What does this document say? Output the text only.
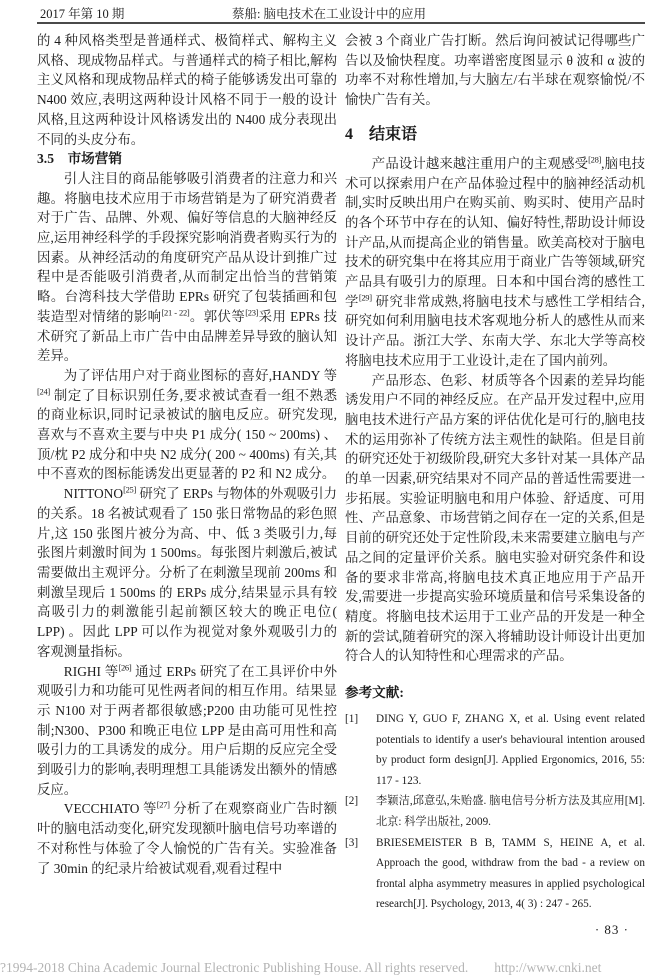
2017 年第 10 期	蔡船: 脑电技术在工业设计中的应用

的 4 种风格类型是普通样式、极简样式、解构主义风格、现成物品样式。与普通样式的椅子相比,解构主义风格和现成物品样式的椅子能够诱发出可靠的 N400 效应,表明这两种设计风格不同于一般的设计风格,且这两种设计风格诱发出的 N400 成分表现出不同的头皮分布。

3.5　市场营销

引人注目的商品能够吸引消费者的注意力和兴趣。将脑电技术应用于市场营销是为了研究消费者对于广告、品牌、外观、偏好等信息的大脑神经反应,运用神经科学的手段探究影响消费者购买行为的因素。从神经活动的角度研究产品从设计到推广过程中是否能吸引消费者,从而制定出恰当的营销策略。台湾科技大学借助 EPRs 研究了包装插画和包装造型对情绪的影响[21 - 22]。郭伏等[23]采用 EPRs 技术研究了新品上市广告中由品牌差异导致的脑认知差异。

为了评估用户对于商业图标的喜好,HANDY 等[24] 制定了目标识别任务,要求被试查看一组不熟悉的商业标识,同时记录被试的脑电反应。研究发现,喜欢与不喜欢主要与中央 P1 成分( 150 ~ 200ms) 、顶/枕 P2 成分和中央 N2 成分( 200 ~ 400ms) 有关,其中不喜欢的图标能诱发出更显著的 P2 和 N2 成分。

NITTONO[25] 研究了 ERPs 与物体的外观吸引力的关系。18 名被试观看了 150 张日常物品的彩色照片,这 150 张图片被分为高、中、低 3 类吸引力,每张图片刺激时间为 1 500ms。每张图片刺激后,被试需要做出主观评分。分析了在刺激呈现前 200ms 和刺激呈现后 1 500ms 的 ERPs 成分,结果显示具有较高吸引力的刺激能引起前额区较大的晚正电位( LPP) 。因此 LPP 可以作为视觉对象外观吸引力的客观测量指标。

RIGHI 等[26] 通过 ERPs 研究了在工具评价中外观吸引力和功能可见性两者间的相互作用。结果显示 N100 对于两者都很敏感;P200 由功能可见性控制;N300、P300 和晚正电位 LPP 是由高可用性和高吸引力的工具诱发的成分。用户后期的反应完全受到吸引力的影响,表明理想工具能诱发出额外的情感反应。

VECCHIATO 等[27] 分析了在观察商业广告时额叶的脑电活动变化,研究发现额叶脑电信号功率谱的不对称性与体验了令人愉悦的广告有关。实验准备了 30min 的纪录片给被试观看,观看过程中

会被 3 个商业广告打断。然后询问被试记得哪些广告以及愉快程度。功率谱密度图显示 θ 波和 α 波的功率不对称性增加,与大脑左/右半球在观察愉悦/不愉快广告有关。

4　结束语

产品设计越来越注重用户的主观感受[28],脑电技术可以探索用户在产品体验过程中的脑神经活动机制,实时反映出用户在购买前、购买时、使用产品时的各个环节中存在的认知、偏好特性,帮助设计师设计产品,从而提高企业的销售量。欧美高校对于脑电技术的研究集中在将其应用于商业广告等领域,研究产品具有吸引力的原理。日本和中国台湾的感性工学[29] 研究非常成熟,将脑电技术与感性工学相结合,研究如何利用脑电技术客观地分析人的感性从而来设计产品。浙江大学、东南大学、东北大学等高校将脑电技术应用于工业设计,走在了国内前列。

产品形态、色彩、材质等各个因素的差异均能诱发用户不同的神经反应。在产品开发过程中,应用脑电技术进行产品方案的评估优化是可行的,脑电技术的运用弥补了传统方法主观性的缺陷。但是目前的研究还处于初级阶段,研究大多针对某一具体产品的单一因素,研究结果对不同产品的普适性需要进一步拓展。实验证明脑电和用户体验、舒适度、可用性、产品意象、市场营销之间存在一定的关系,但是目前的研究还处于定性阶段,未来需要建立脑电与产品之间的定量评价关系。脑电实验对研究条件和设备的要求非常高,将脑电技术真正地应用于产品开发,需要进一步提高实验环境质量和信号采集设备的精度。将脑电技术运用于工业产品的开发是一种全新的尝试,随着研究的深入将辅助设计师设计出更加符合人的认知特性和心理需求的产品。

参考文献:
[1]	DING Y, GUO F, ZHANG X, et al. Using event related potentials to identify a user's behavioural intention aroused by product form design[J]. Applied Ergonomics, 2016, 55: 117 - 123.
[2]	李颖洁,邱意弘,朱贻盛. 脑电信号分析方法及其应用[M]. 北京: 科学出版社, 2009.
[3]	BRIESEMEISTER B B, TAMM S, HEINE A, et al. Approach the good, withdraw from the bad - a review on frontal alpha asymmetry measures in applied psychological research[J]. Psychology, 2013, 4( 3) : 247 - 265.
· 83 ·
?1994-2018 China Academic Journal Electronic Publishing House. All rights reserved. http://www.cnki.net
